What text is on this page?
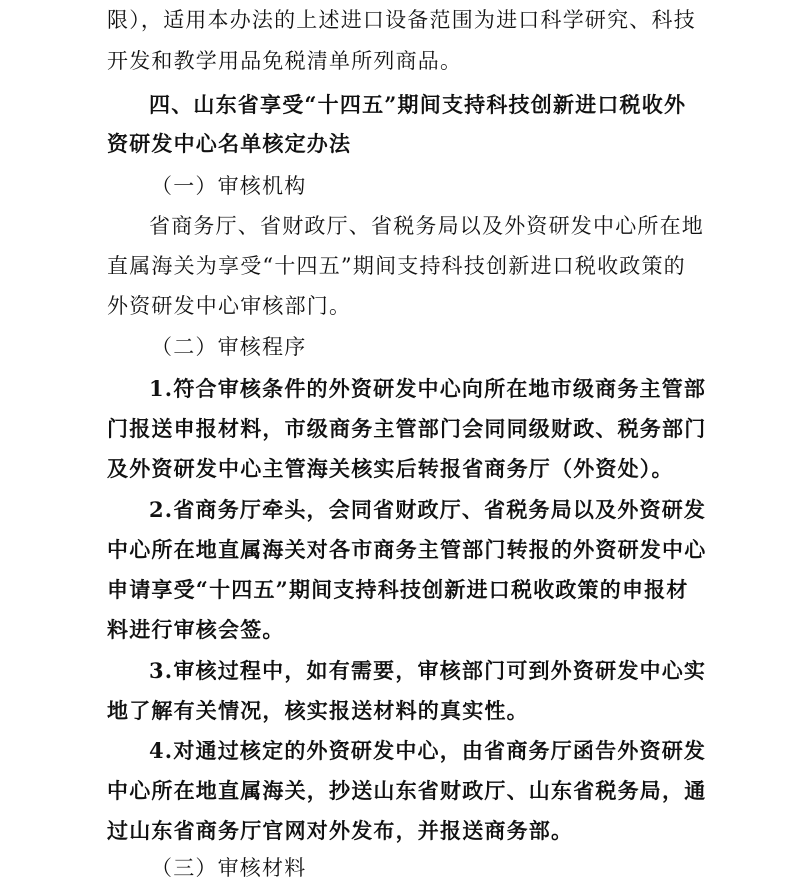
限），适用本办法的上述进口设备范围为进口科学研究、科技
开发和教学用品免税清单所列商品。
四、山东省享受“十四五”期间支持科技创新进口税收外
资研发中心名单核定办法
（一）审核机构
省商务厅、省财政厅、省税务局以及外资研发中心所在地
直属海关为享受“十四五”期间支持科技创新进口税收政策的
外资研发中心审核部门。
（二）审核程序
1.符合审核条件的外资研发中心向所在地市级商务主管部
门报送申报材料，市级商务主管部门会同同级财政、税务部门
及外资研发中心主管海关核实后转报省商务厅（外资处）。
2.省商务厅牵头，会同省财政厅、省税务局以及外资研发
中心所在地直属海关对各市商务主管部门转报的外资研发中心
申请享受“十四五”期间支持科技创新进口税收政策的申报材
料进行审核会签。
3.审核过程中，如有需要，审核部门可到外资研发中心实
地了解有关情况，核实报送材料的真实性。
4.对通过核定的外资研发中心，由省商务厅函告外资研发
中心所在地直属海关，抄送山东省财政厅、山东省税务局，通
过山东省商务厅官网对外发布，并报送商务部。
（三）审核材料
